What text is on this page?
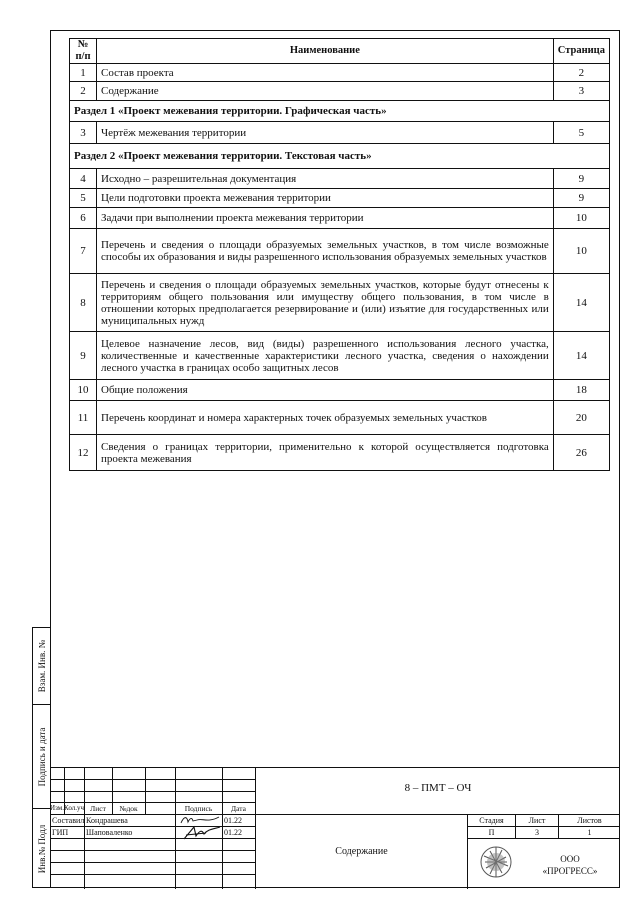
Взам. Инв. №
Подпись и дата
Инв.№ Подл
№ п/п	Наименование	Страница
1	Состав проекта	2
2	Содержание	3
Раздел 1 «Проект межевания территории. Графическая часть»		
3	Чертёж межевания территории	5
Раздел 2 «Проект межевания территории. Текстовая часть»		
4	Исходно – разрешительная документация	9
5	Цели подготовки проекта межевания территории	9
6	Задачи при выполнении проекта межевания территории	10
7	Перечень и сведения о площади образуемых земельных участков, в том числе возможные способы их образования и виды разрешенного использования образуемых земельных участков	10
8	Перечень и сведения о площади образуемых земельных участков, которые будут отнесены к территориям общего пользования или имуществу общего пользования, в том числе в отношении которых предполагается резервирование и (или) изъятие для государственных или муниципальных нужд	14
9	Целевое назначение лесов, вид (виды) разрешенного использования лесного участка, количественные и качественные характеристики лесного участка, сведения о нахождении лесного участка в границах особо защитных лесов	14
10	Общие положения	18
11	Перечень координат и номера характерных точек образуемых земельных участков	20
12	Сведения о границах территории, применительно к которой осуществляется подготовка проекта межевания	26
8 – ПМТ – ОЧ
Изм. Кол.уч Лист	№док	Подпись	Дата
Составил Кондрашева	01.22
ГИП Шаповаленко	01.22
Содержание
Стадия	Лист	Листов
П	3	1
ООО
«ПРОГРЕСС»
